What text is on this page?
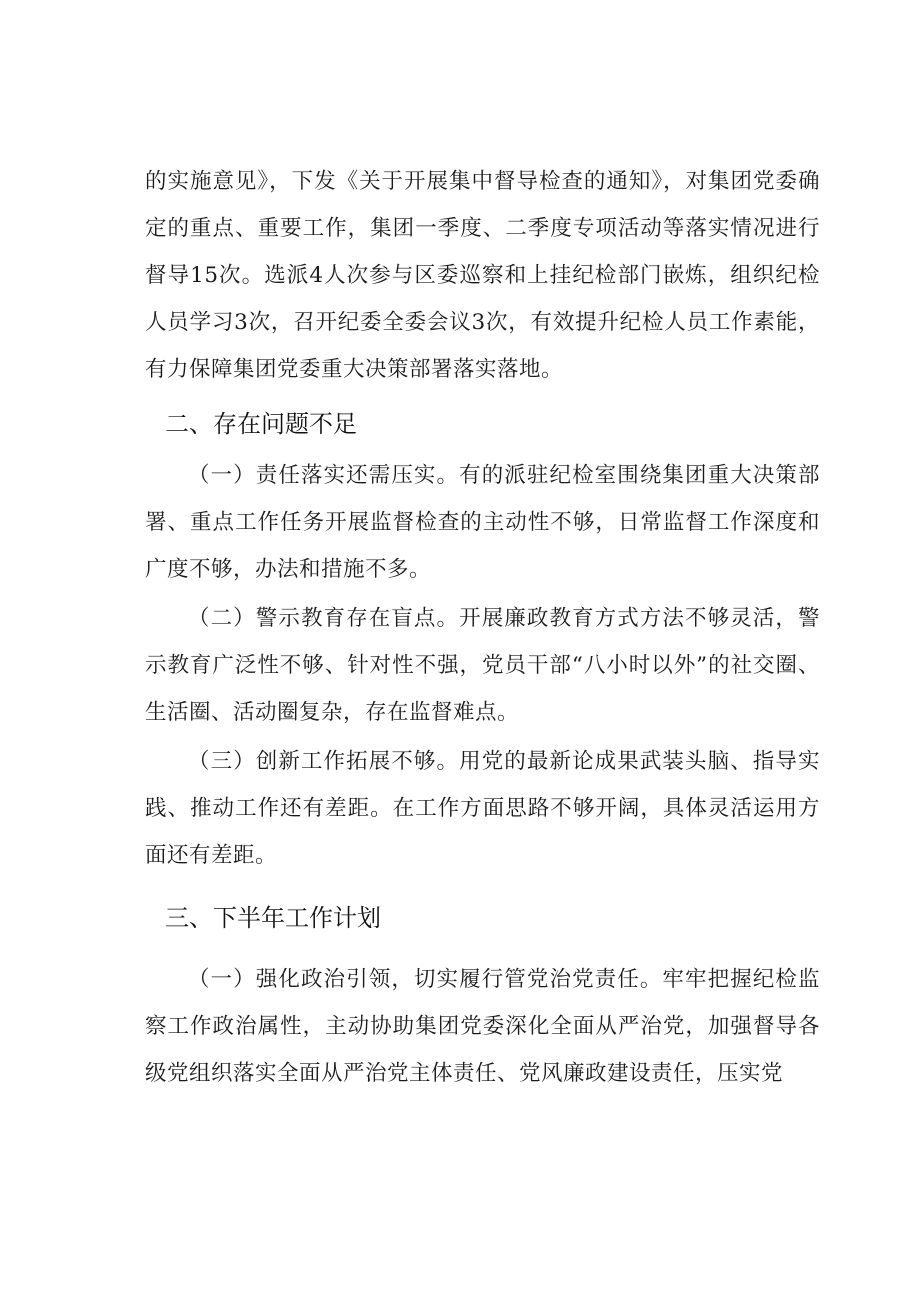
的实施意见》，下发《关于开展集中督导检查的通知》，对集团党委确定的重点、重要工作，集团一季度、二季度专项活动等落实情况进行督导15次。选派4人次参与区委巡察和上挂纪检部门嵌炼，组织纪检人员学习3次，召开纪委全委会议3次，有效提升纪检人员工作素能，有力保障集团党委重大决策部署落实落地。

二、存在问题不足

（一）责任落实还需压实。有的派驻纪检室围绕集团重大决策部署、重点工作任务开展监督检查的主动性不够，日常监督工作深度和广度不够，办法和措施不多。

（二）警示教育存在盲点。开展廉政教育方式方法不够灵活，警示教育广泛性不够、针对性不强，党员干部“八小时以外”的社交圈、生活圈、活动圈复杂，存在监督难点。

（三）创新工作拓展不够。用党的最新论成果武装头脑、指导实践、推动工作还有差距。在工作方面思路不够开阔，具体灵活运用方面还有差距。

三、下半年工作计划

（一）强化政治引领，切实履行管党治党责任。牢牢把握纪检监察工作政治属性，主动协助集团党委深化全面从严治党，加强督导各级党组织落实全面从严治党主体责任、党风廉政建设责任，压实党
